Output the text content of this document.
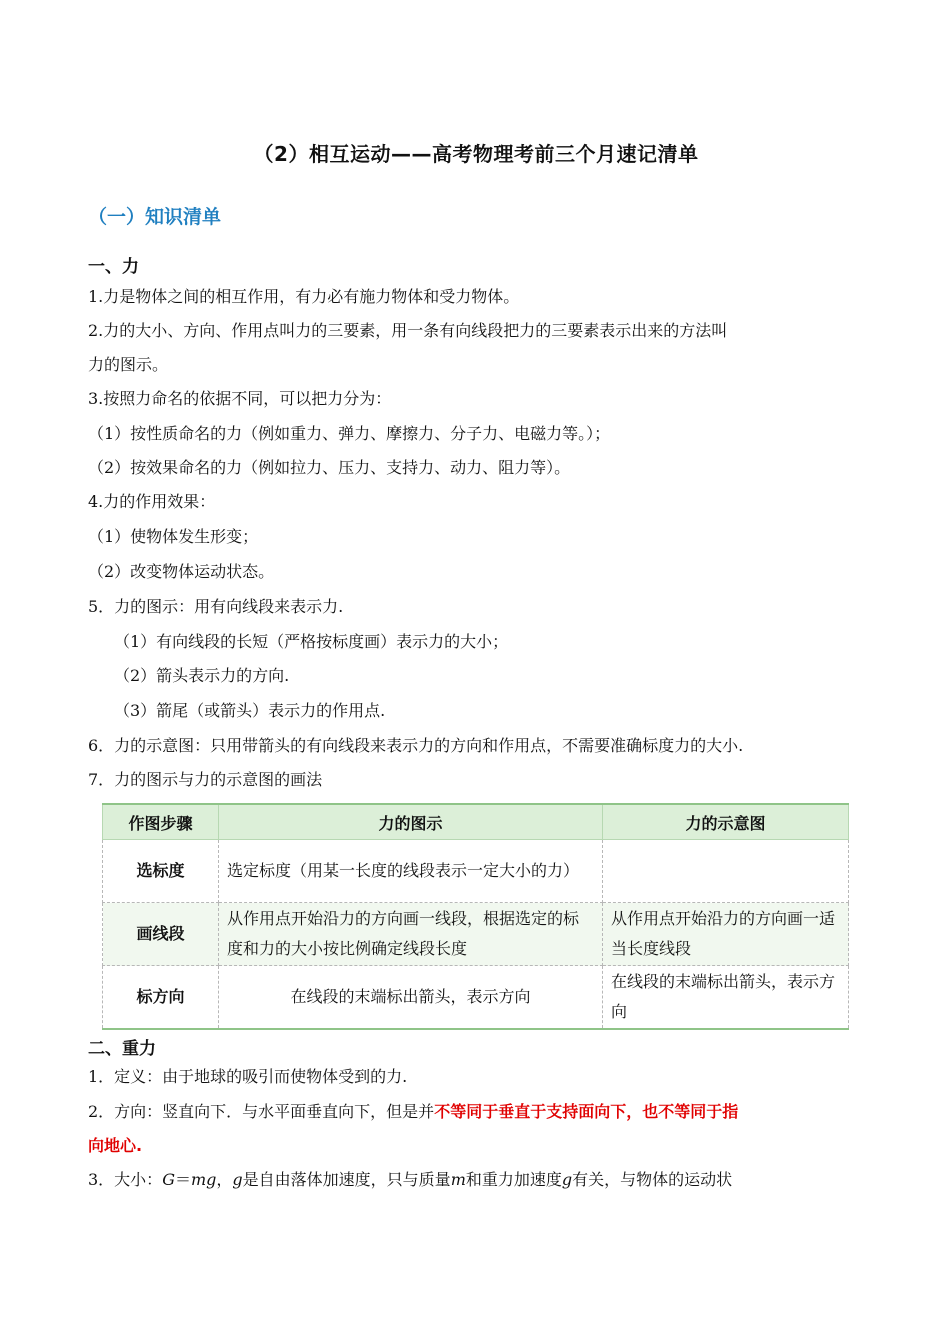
（2）相互运动——高考物理考前三个月速记清单
（一）知识清单
一、力
1.力是物体之间的相互作用，有力必有施力物体和受力物体。
2.力的大小、方向、作用点叫力的三要素，用一条有向线段把力的三要素表示出来的方法叫
力的图示。
3.按照力命名的依据不同，可以把力分为：
（1）按性质命名的力（例如重力、弹力、摩擦力、分子力、电磁力等。）；
（2）按效果命名的力（例如拉力、压力、支持力、动力、阻力等）。
4.力的作用效果：
（1）使物体发生形变；
（2）改变物体运动状态。
5．力的图示：用有向线段来表示力.
（1）有向线段的长短（严格按标度画）表示力的大小；
（2）箭头表示力的方向.
（3）箭尾（或箭头）表示力的作用点.
6．力的示意图：只用带箭头的有向线段来表示力的方向和作用点，不需要准确标度力的大小.
7．力的图示与力的示意图的画法
作图步骤	力的图示	力的示意图
选标度	选定标度（用某一长度的线段表示一定大小的力）	
画线段	从作用点开始沿力的方向画一线段，根据选定的标度和力的大小按比例确定线段长度	从作用点开始沿力的方向画一适当长度线段
标方向	在线段的末端标出箭头，表示方向	在线段的末端标出箭头，表示方向
二、重力
1．定义：由于地球的吸引而使物体受到的力.
2．方向：竖直向下．与水平面垂直向下，但是并不等同于垂直于支持面向下，也不等同于指
向地心.
3．大小：G＝mg，g是自由落体加速度，只与质量m和重力加速度g有关，与物体的运动状
